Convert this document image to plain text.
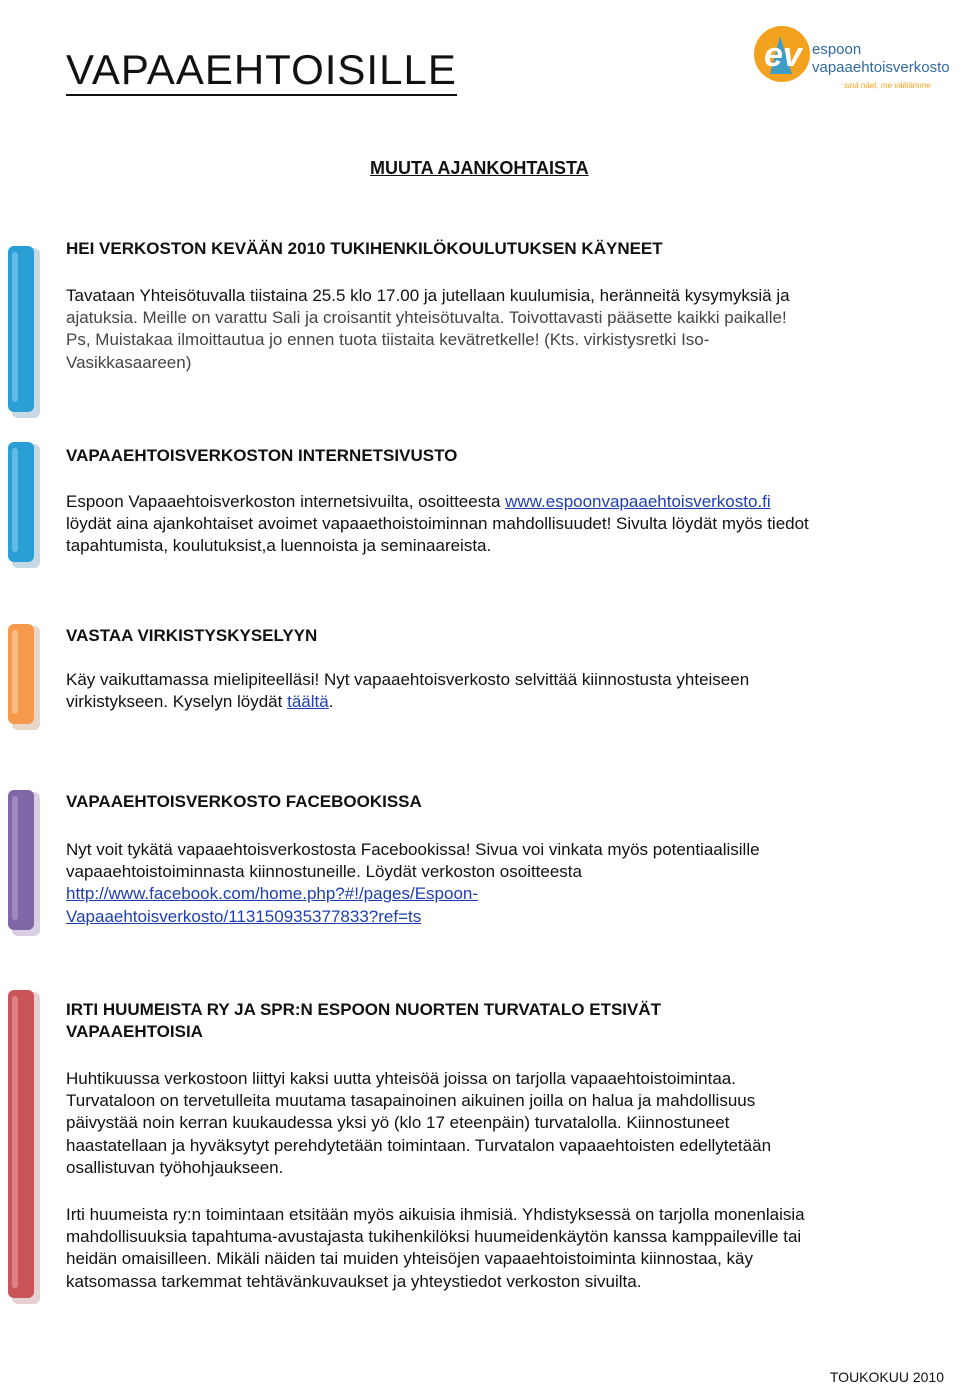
VAPAAEHTOISILLE	ev espoon
vapaaehtoisverkosto
sinä näet, me välitämme
MUUTA AJANKOHTAISTA
HEI VERKOSTON KEVÄÄN 2010 TUKIHENKILÖKOULUTUKSEN KÄYNEET

Tavataan Yhteisötuvalla tiistaina 25.5 klo 17.00 ja jutellaan kuulumisia, heränneitä kysymyksiä ja

ajatuksia. Meille on varattu Sali ja croisantit yhteisötuvalta. Toivottavasti pääsette kaikki paikalle!

Ps, Muistakaa ilmoittautua jo ennen tuota tiistaita kevätretkelle! (Kts. virkistysretki Iso-

Vasikkasaareen)

VAPAAEHTOISVERKOSTON INTERNETSIVUSTO

Espoon Vapaaehtoisverkoston internetsivuilta, osoitteesta www.espoonvapaaehtoisverkosto.fi

löydät aina ajankohtaiset avoimet vapaaethoistoiminnan mahdollisuudet! Sivulta löydät myös tiedot

tapahtumista, koulutuksist,a luennoista ja seminaareista.

VASTAA VIRKISTYSKYSELYYN

Käy vaikuttamassa mielipiteelläsi! Nyt vapaaehtoisverkosto selvittää kiinnostusta yhteiseen

virkistykseen. Kyselyn löydät täältä.

VAPAAEHTOISVERKOSTO FACEBOOKISSA

Nyt voit tykätä vapaaehtoisverkostosta Facebookissa! Sivua voi vinkata myös potentiaalisille

vapaaehtoistoiminnasta kiinnostuneille. Löydät verkoston osoitteesta

http://www.facebook.com/home.php?#!/pages/Espoon-

Vapaaehtoisverkosto/113150935377833?ref=ts

IRTI HUUMEISTA RY JA SPR:N ESPOON NUORTEN TURVATALO ETSIVÄT
VAPAAEHTOISIA

Huhtikuussa verkostoon liittyi kaksi uutta yhteisöä joissa on tarjolla vapaaehtoistoimintaa.

Turvataloon on tervetulleita muutama tasapainoinen aikuinen joilla on halua ja mahdollisuus

päivystää noin kerran kuukaudessa yksi yö (klo 17 eteenpäin) turvatalolla. Kiinnostuneet

haastatellaan ja hyväksytyt perehdytetään toimintaan. Turvatalon vapaaehtoisten edellytetään

osallistuvan työhohjaukseen.

Irti huumeista ry:n toimintaan etsitään myös aikuisia ihmisiä. Yhdistyksessä on tarjolla monenlaisia

mahdollisuuksia tapahtuma-avustajasta tukihenkilöksi huumeidenkäytön kanssa kamppaileville tai

heidän omaisilleen. Mikäli näiden tai muiden yhteisöjen vapaaehtoistoiminta kiinnostaa, käy

katsomassa tarkemmat tehtävänkuvaukset ja yhteystiedot verkoston sivuilta.

TOUKOKUU 2010
